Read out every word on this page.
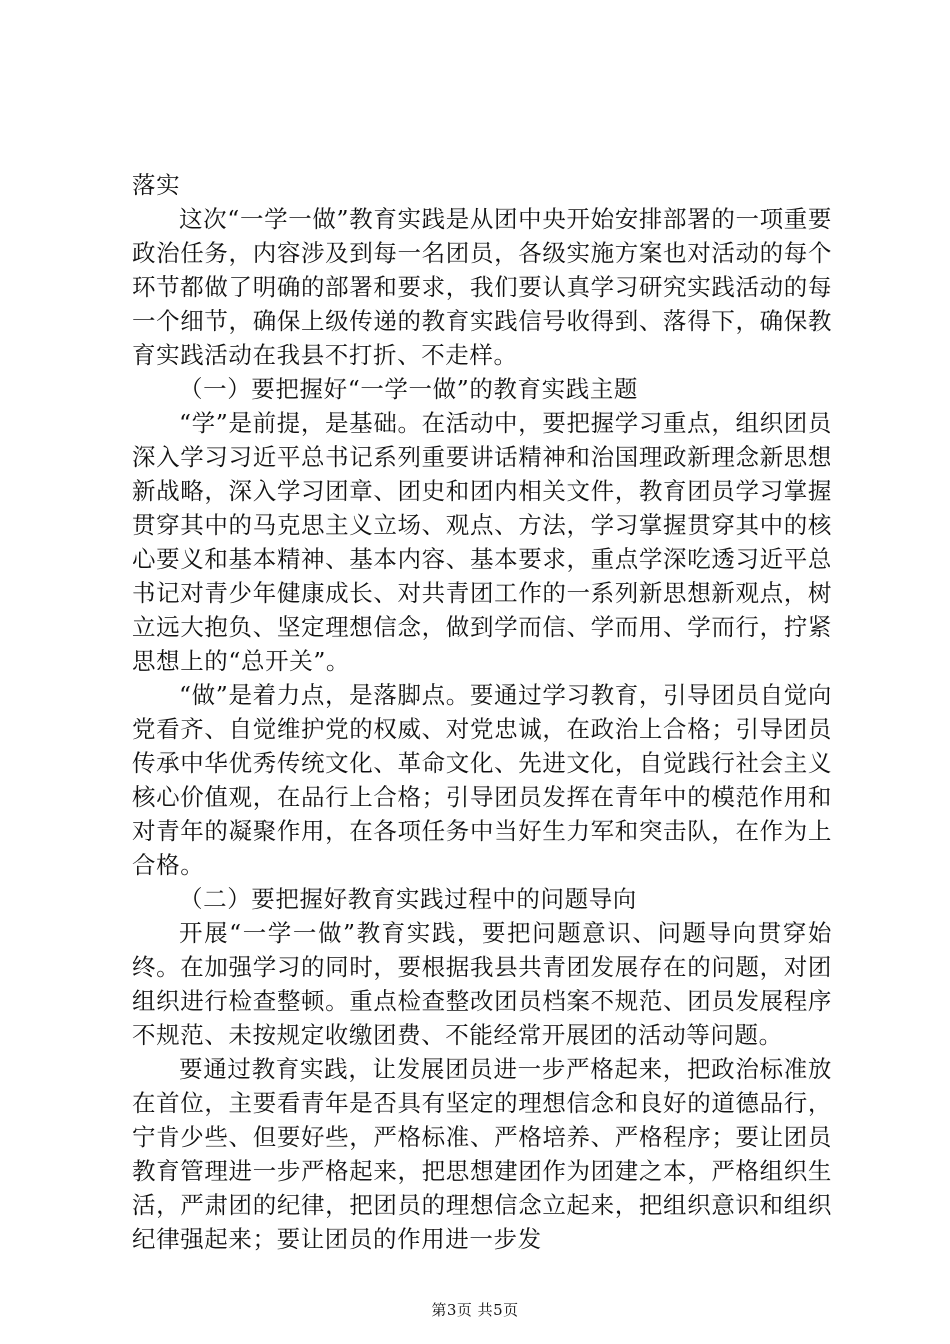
落实

这次“一学一做”教育实践是从团中央开始安排部署的一项重要政治任务，内容涉及到每一名团员，各级实施方案也对活动的每个环节都做了明确的部署和要求，我们要认真学习研究实践活动的每一个细节，确保上级传递的教育实践信号收得到、落得下，确保教育实践活动在我县不打折、不走样。

（一）要把握好“一学一做”的教育实践主题

“学”是前提，是基础。在活动中，要把握学习重点，组织团员深入学习习近平总书记系列重要讲话精神和治国理政新理念新思想新战略，深入学习团章、团史和团内相关文件，教育团员学习掌握贯穿其中的马克思主义立场、观点、方法，学习掌握贯穿其中的核心要义和基本精神、基本内容、基本要求，重点学深吃透习近平总书记对青少年健康成长、对共青团工作的一系列新思想新观点，树立远大抱负、坚定理想信念，做到学而信、学而用、学而行，拧紧思想上的“总开关”。

“做”是着力点，是落脚点。要通过学习教育，引导团员自觉向党看齐、自觉维护党的权威、对党忠诚，在政治上合格；引导团员传承中华优秀传统文化、革命文化、先进文化，自觉践行社会主义核心价值观，在品行上合格；引导团员发挥在青年中的模范作用和对青年的凝聚作用，在各项任务中当好生力军和突击队，在作为上合格。

（二）要把握好教育实践过程中的问题导向

开展“一学一做”教育实践，要把问题意识、问题导向贯穿始终。在加强学习的同时，要根据我县共青团发展存在的问题，对团组织进行检查整顿。重点检查整改团员档案不规范、团员发展程序不规范、未按规定收缴团费、不能经常开展团的活动等问题。

要通过教育实践，让发展团员进一步严格起来，把政治标准放在首位，主要看青年是否具有坚定的理想信念和良好的道德品行，宁肯少些、但要好些，严格标准、严格培养、严格程序；要让团员教育管理进一步严格起来，把思想建团作为团建之本，严格组织生活，严肃团的纪律，把团员的理想信念立起来，把组织意识和组织纪律强起来；要让团员的作用进一步发

第3页 共5页
